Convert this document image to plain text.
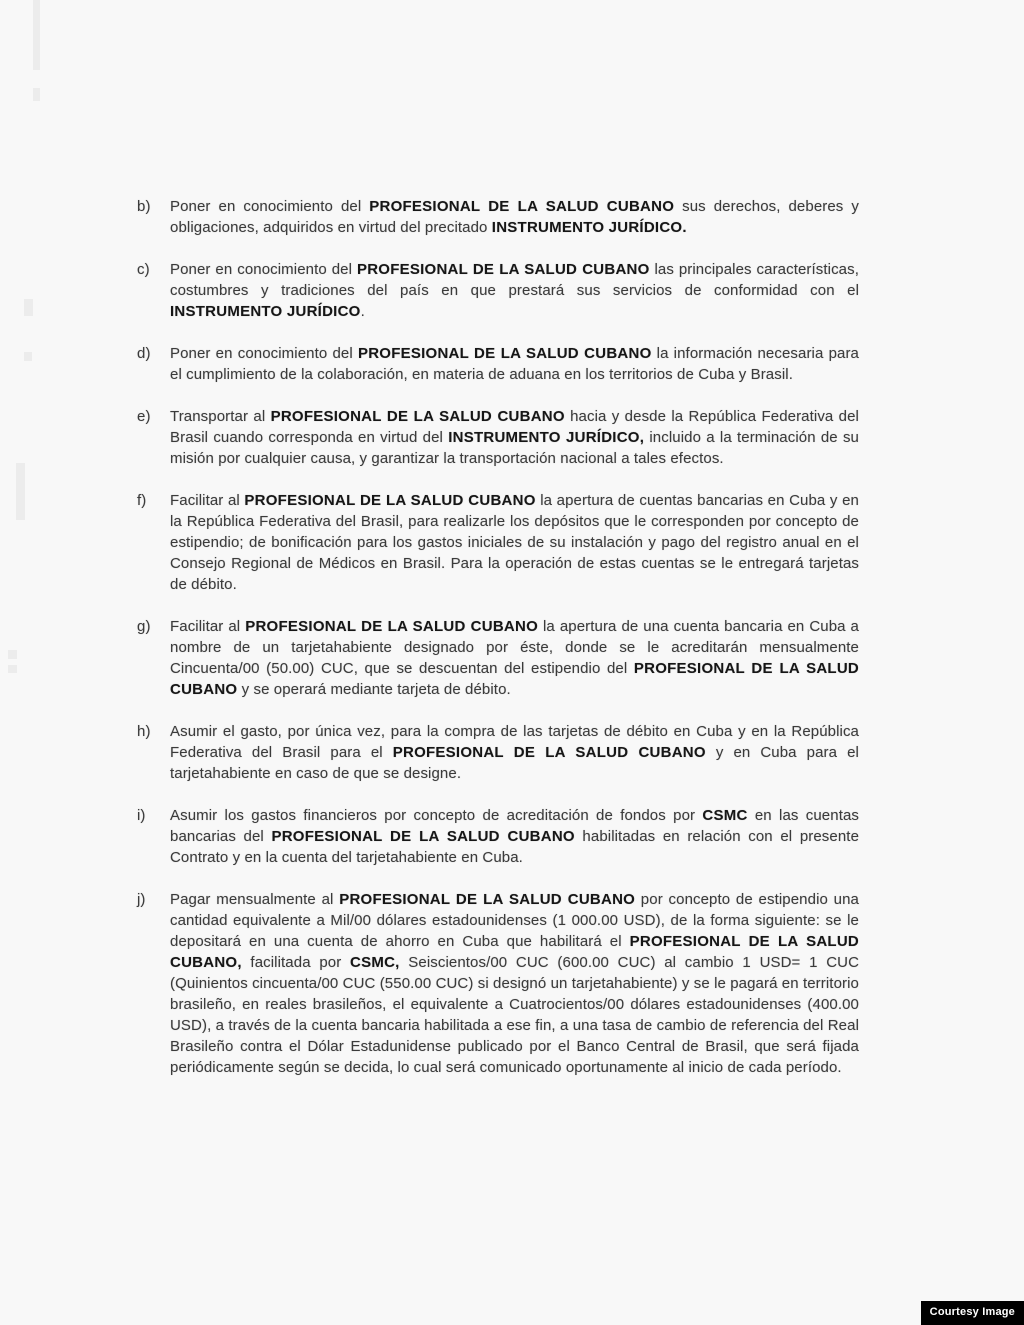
b)	Poner en conocimiento del PROFESIONAL DE LA SALUD CUBANO sus derechos, deberes y obligaciones, adquiridos en virtud del precitado INSTRUMENTO JURÍDICO.

c)	Poner en conocimiento del PROFESIONAL DE LA SALUD CUBANO las principales características, costumbres y tradiciones del país en que prestará sus servicios de conformidad con el INSTRUMENTO JURÍDICO.

d)	Poner en conocimiento del PROFESIONAL DE LA SALUD CUBANO la información necesaria para el cumplimiento de la colaboración, en materia de aduana en los territorios de Cuba y Brasil.

e)	Transportar al PROFESIONAL DE LA SALUD CUBANO hacia y desde la República Federativa del Brasil cuando corresponda en virtud del INSTRUMENTO JURÍDICO, incluido a la terminación de su misión por cualquier causa, y garantizar la transportación nacional a tales efectos.

f)	Facilitar al PROFESIONAL DE LA SALUD CUBANO la apertura de cuentas bancarias en Cuba y en la República Federativa del Brasil, para realizarle los depósitos que le corresponden por concepto de estipendio; de bonificación para los gastos iniciales de su instalación y pago del registro anual en el Consejo Regional de Médicos en Brasil. Para la operación de estas cuentas se le entregará tarjetas de débito.

g)	Facilitar al PROFESIONAL DE LA SALUD CUBANO la apertura de una cuenta bancaria en Cuba a nombre de un tarjetahabiente designado por éste, donde se le acreditarán mensualmente Cincuenta/00 (50.00) CUC, que se descuentan del estipendio del PROFESIONAL DE LA SALUD CUBANO y se operará mediante tarjeta de débito.

h)	Asumir el gasto, por única vez, para la compra de las tarjetas de débito en Cuba y en la República Federativa del Brasil para el PROFESIONAL DE LA SALUD CUBANO y en Cuba para el tarjetahabiente en caso de que se designe.

i)	Asumir los gastos financieros por concepto de acreditación de fondos por CSMC en las cuentas bancarias del PROFESIONAL DE LA SALUD CUBANO habilitadas en relación con el presente Contrato y en la cuenta del tarjetahabiente en Cuba.

j)	Pagar mensualmente al PROFESIONAL DE LA SALUD CUBANO por concepto de estipendio una cantidad equivalente a Mil/00 dólares estadounidenses (1 000.00 USD), de la forma siguiente: se le depositará en una cuenta de ahorro en Cuba que habilitará el PROFESIONAL DE LA SALUD CUBANO, facilitada por CSMC, Seiscientos/00 CUC (600.00 CUC) al cambio 1 USD= 1 CUC (Quinientos cincuenta/00 CUC (550.00 CUC) si designó un tarjetahabiente) y se le pagará en territorio brasileño, en reales brasileños, el equivalente a Cuatrocientos/00 dólares estadounidenses (400.00 USD), a través de la cuenta bancaria habilitada a ese fin, a una tasa de cambio de referencia del Real Brasileño contra el Dólar Estadunidense publicado por el Banco Central de Brasil, que será fijada periódicamente según se decida, lo cual será comunicado oportunamente al inicio de cada período.

Courtesy Image
